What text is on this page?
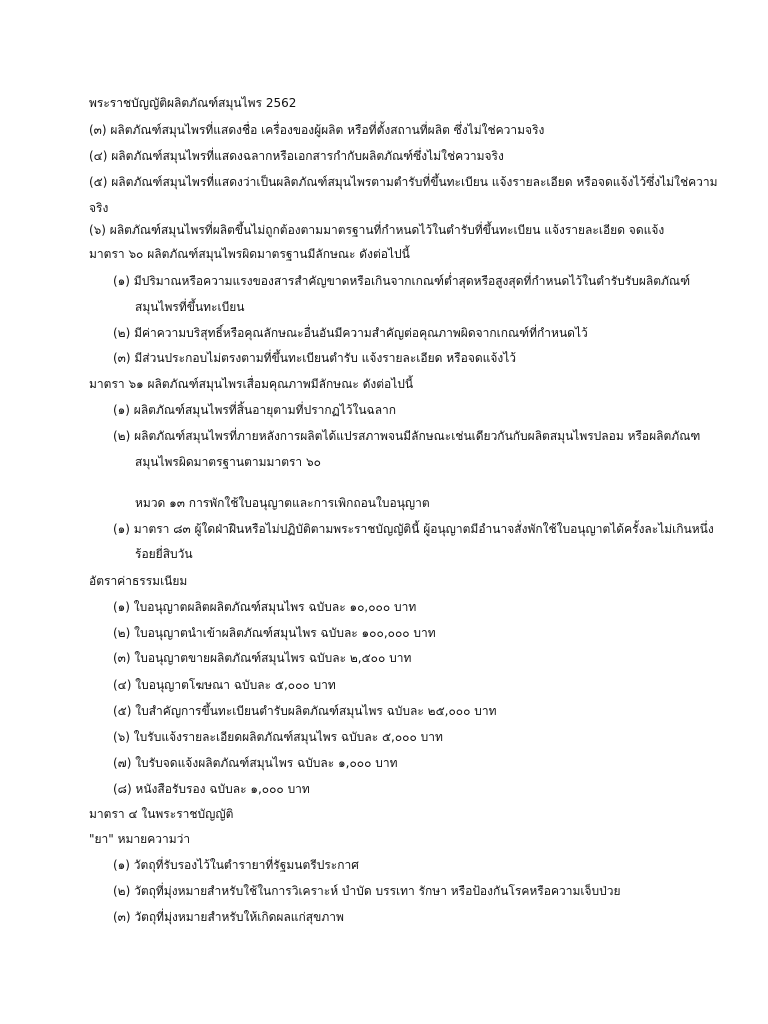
พระราชบัญญัติผลิตภัณฑ์สมุนไพร 2562
(๓) ผลิตภัณฑ์สมุนไพรที่แสดงชื่อ เครื่องของผู้ผลิต หรือที่ตั้งสถานที่ผลิต ซึ่งไม่ใช่ความจริง
(๔) ผลิตภัณฑ์สมุนไพรที่แสดงฉลากหรือเอกสารกำกับผลิตภัณฑ์ซึ่งไม่ใช่ความจริง
(๕) ผลิตภัณฑ์สมุนไพรที่แสดงว่าเป็นผลิตภัณฑ์สมุนไพรตามตำรับที่ขึ้นทะเบียน แจ้งรายละเอียด หรือจดแจ้งไว้ซึ่งไม่ใช่ความ
จริง
(๖) ผลิตภัณฑ์สมุนไพรที่ผลิตขึ้นไม่ถูกต้องตามมาตรฐานที่กำหนดไว้ในตำรับที่ขึ้นทะเบียน แจ้งรายละเอียด จดแจ้ง
มาตรา ๖๐ ผลิตภัณฑ์สมุนไพรผิดมาตรฐานมีลักษณะ ดังต่อไปนี้
(๑) มีปริมาณหรือความแรงของสารสำคัญขาดหรือเกินจากเกณฑ์ต่ำสุดหรือสูงสุดที่กำหนดไว้ในตำรับรับผลิตภัณฑ์
สมุนไพรที่ขึ้นทะเบียน
(๒) มีค่าความบริสุทธิ์หรือคุณลักษณะอื่นอันมีความสำคัญต่อคุณภาพผิดจากเกณฑ์ที่กำหนดไว้
(๓) มีส่วนประกอบไม่ตรงตามที่ขึ้นทะเบียนตำรับ แจ้งรายละเอียด หรือจดแจ้งไว้
มาตรา ๖๑ ผลิตภัณฑ์สมุนไพรเสื่อมคุณภาพมีลักษณะ ดังต่อไปนี้
(๑) ผลิตภัณฑ์สมุนไพรที่สิ้นอายุตามที่ปรากฏไว้ในฉลาก
(๒) ผลิตภัณฑ์สมุนไพรที่ภายหลังการผลิตได้แปรสภาพจนมีลักษณะเช่นเดียวกันกับผลิตสมุนไพรปลอม หรือผลิตภัณฑ
สมุนไพรผิดมาตรฐานตามมาตรา ๖๐
หมวด ๑๓ การพักใช้ใบอนุญาตและการเพิกถอนใบอนุญาต
(๑) มาตรา ๘๓ ผู้ใดฝ่าฝืนหรือไม่ปฏิบัติตามพระราชบัญญัตินี้ ผู้อนุญาตมีอำนาจสั่งพักใช้ใบอนุญาตได้ครั้งละไม่เกินหนึ่ง
ร้อยยี่สิบวัน
อัตราค่าธรรมเนียม
(๑) ใบอนุญาตผลิตผลิตภัณฑ์สมุนไพร ฉบับละ ๑๐,๐๐๐ บาท
(๒) ใบอนุญาตนำเข้าผลิตภัณฑ์สมุนไพร ฉบับละ ๑๐๐,๐๐๐ บาท
(๓) ใบอนุญาตขายผลิตภัณฑ์สมุนไพร ฉบับละ ๒,๕๐๐ บาท
(๔) ใบอนุญาตโฆษณา ฉบับละ ๕,๐๐๐ บาท
(๕) ใบสำคัญการขึ้นทะเบียนตำรับผลิตภัณฑ์สมุนไพร ฉบับละ ๒๕,๐๐๐ บาท
(๖) ใบรับแจ้งรายละเอียดผลิตภัณฑ์สมุนไพร ฉบับละ ๕,๐๐๐ บาท
(๗) ใบรับจดแจ้งผลิตภัณฑ์สมุนไพร ฉบับละ ๑,๐๐๐ บาท
(๘) หนังสือรับรอง ฉบับละ ๑,๐๐๐ บาท
มาตรา ๔ ในพระราชบัญญัติ
"ยา" หมายความว่า
(๑) วัตถุที่รับรองไว้ในตำรายาที่รัฐมนตรีประกาศ
(๒) วัตถุที่มุ่งหมายสำหรับใช้ในการวิเคราะห์ บำบัด บรรเทา รักษา หรือป้องกันโรคหรือความเจ็บป่วย
(๓) วัตถุที่มุ่งหมายสำหรับให้เกิดผลแก่สุขภาพ
